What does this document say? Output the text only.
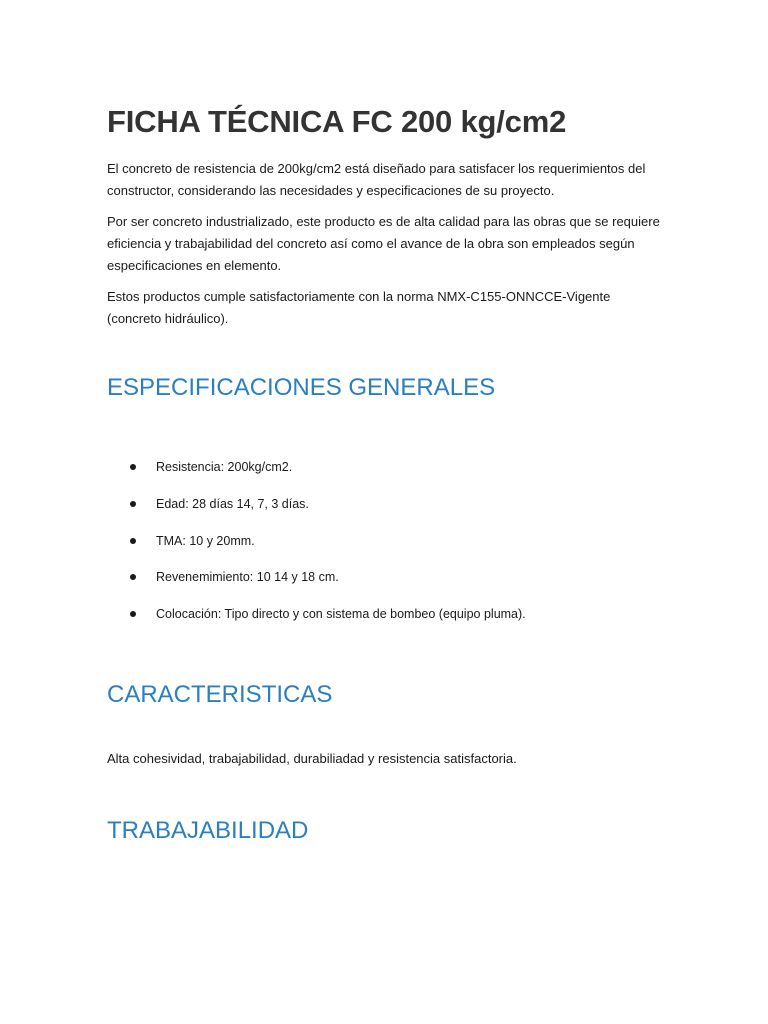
FICHA TÉCNICA FC 200 kg/cm2

El concreto de resistencia de 200kg/cm2 está diseñado para satisfacer los requerimientos del constructor, considerando las necesidades y especificaciones de su proyecto.

Por ser concreto industrializado, este producto es de alta calidad para las obras que se requiere eficiencia y trabajabilidad del concreto así como el avance de la obra son empleados según especificaciones en elemento.

Estos productos cumple satisfactoriamente con la norma NMX-C155-ONNCCE-Vigente (concreto hidráulico).

ESPECIFICACIONES GENERALES
Resistencia: 200kg/cm2.
Edad: 28 días 14, 7, 3 días.
TMA: 10 y 20mm.
Revenemimiento: 10 14 y 18 cm.
Colocación: Tipo directo y con sistema de bombeo (equipo pluma).
CARACTERISTICAS

Alta cohesividad, trabajabilidad, durabiliadad y resistencia satisfactoria.

TRABAJABILIDAD
